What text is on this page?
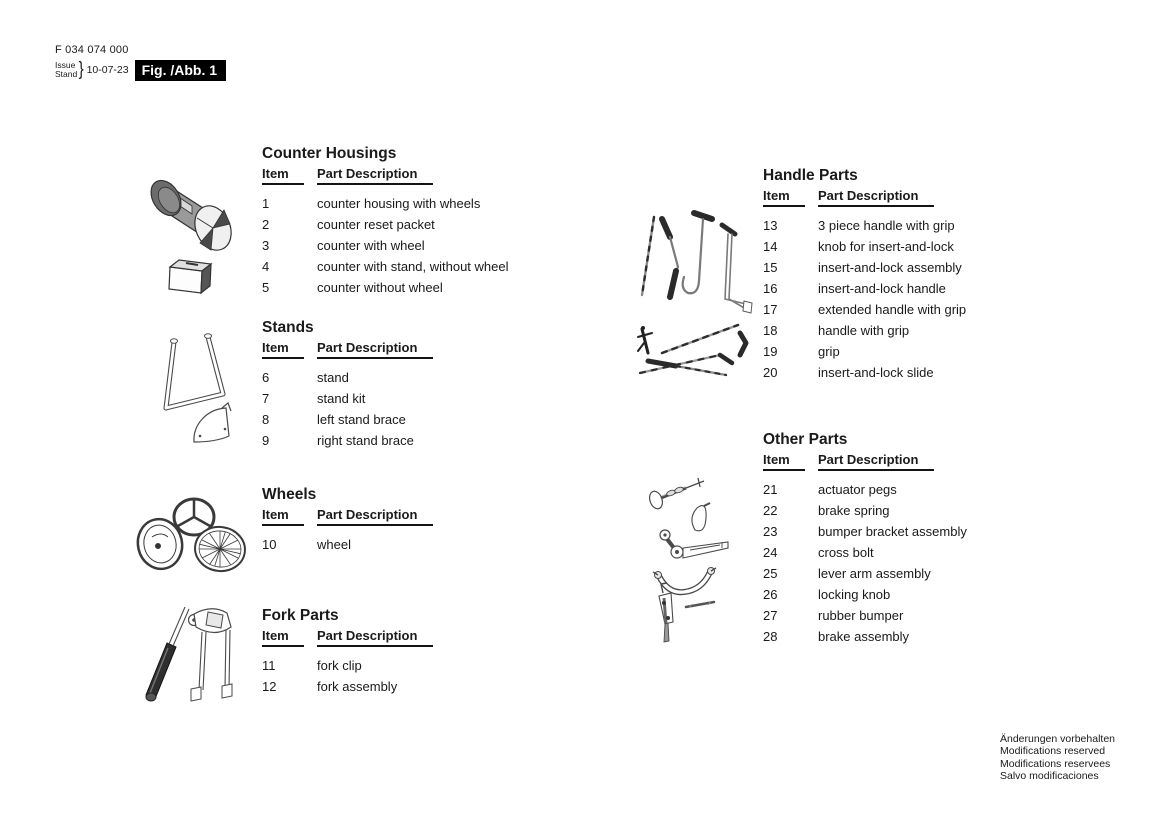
F 034 074 000
Issue
Stand } 10-07-23 Fig. /Abb. 1
Counter Housings
Item Part Description
1	counter housing with wheels
2	counter reset packet
3	counter with wheel
4	counter with stand, without wheel
5	counter without wheel
Stands
Item Part Description
6	stand
7	stand kit
8	left stand brace
9	right stand brace
Wheels
Item Part Description
10	wheel
Fork Parts
Item Part Description
11	fork clip
12	fork assembly
Handle Parts
Item Part Description
13	3 piece handle with grip
14	knob for insert-and-lock
15	insert-and-lock assembly
16	insert-and-lock handle
17	extended handle with grip
18	handle with grip
19	grip
20	insert-and-lock slide
Other Parts
Item Part Description
21	actuator pegs
22	brake spring
23	bumper bracket assembly
24	cross bolt
25	lever arm assembly
26	locking knob
27	rubber bumper
28	brake assembly
Änderungen vorbehalten
Modifications reserved
Modifications reservees
Salvo modificaciones
